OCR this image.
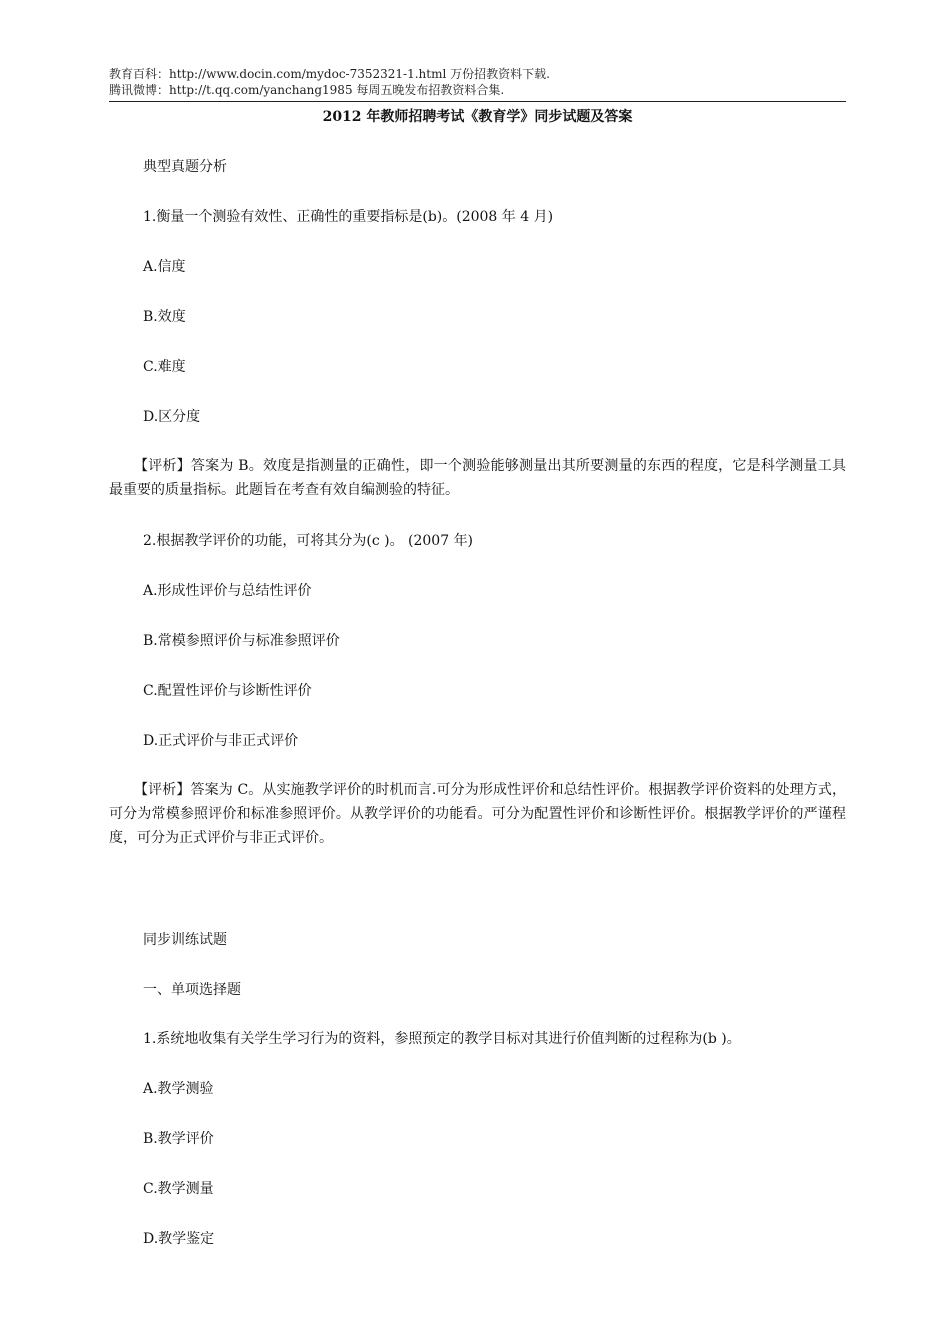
教育百科：http://www.docin.com/mydoc-7352321-1.html 万份招教资料下载.
腾讯微博：http://t.qq.com/yanchang1985 每周五晚发布招教资料合集.
2012 年教师招聘考试《教育学》同步试题及答案
典型真题分析
1.衡量一个测验有效性、正确性的重要指标是(b)。(2008 年 4 月)
A.信度
B.效度
C.难度
D.区分度
【评析】答案为 B。效度是指测量的正确性，即一个测验能够测量出其所要测量的东西的程度，它是科学测量工具最重要的质量指标。此题旨在考查有效自编测验的特征。
2.根据教学评价的功能，可将其分为(c )。 (2007 年)
A.形成性评价与总结性评价
B.常模参照评价与标准参照评价
C.配置性评价与诊断性评价
D.正式评价与非正式评价
【评析】答案为 C。从实施教学评价的时机而言.可分为形成性评价和总结性评价。根据教学评价资料的处理方式，可分为常模参照评价和标准参照评价。从教学评价的功能看。可分为配置性评价和诊断性评价。根据教学评价的严谨程度，可分为正式评价与非正式评价。
同步训练试题
一、单项选择题
1.系统地收集有关学生学习行为的资料，参照预定的教学目标对其进行价值判断的过程称为(b )。
A.教学测验
B.教学评价
C.教学测量
D.教学鉴定
